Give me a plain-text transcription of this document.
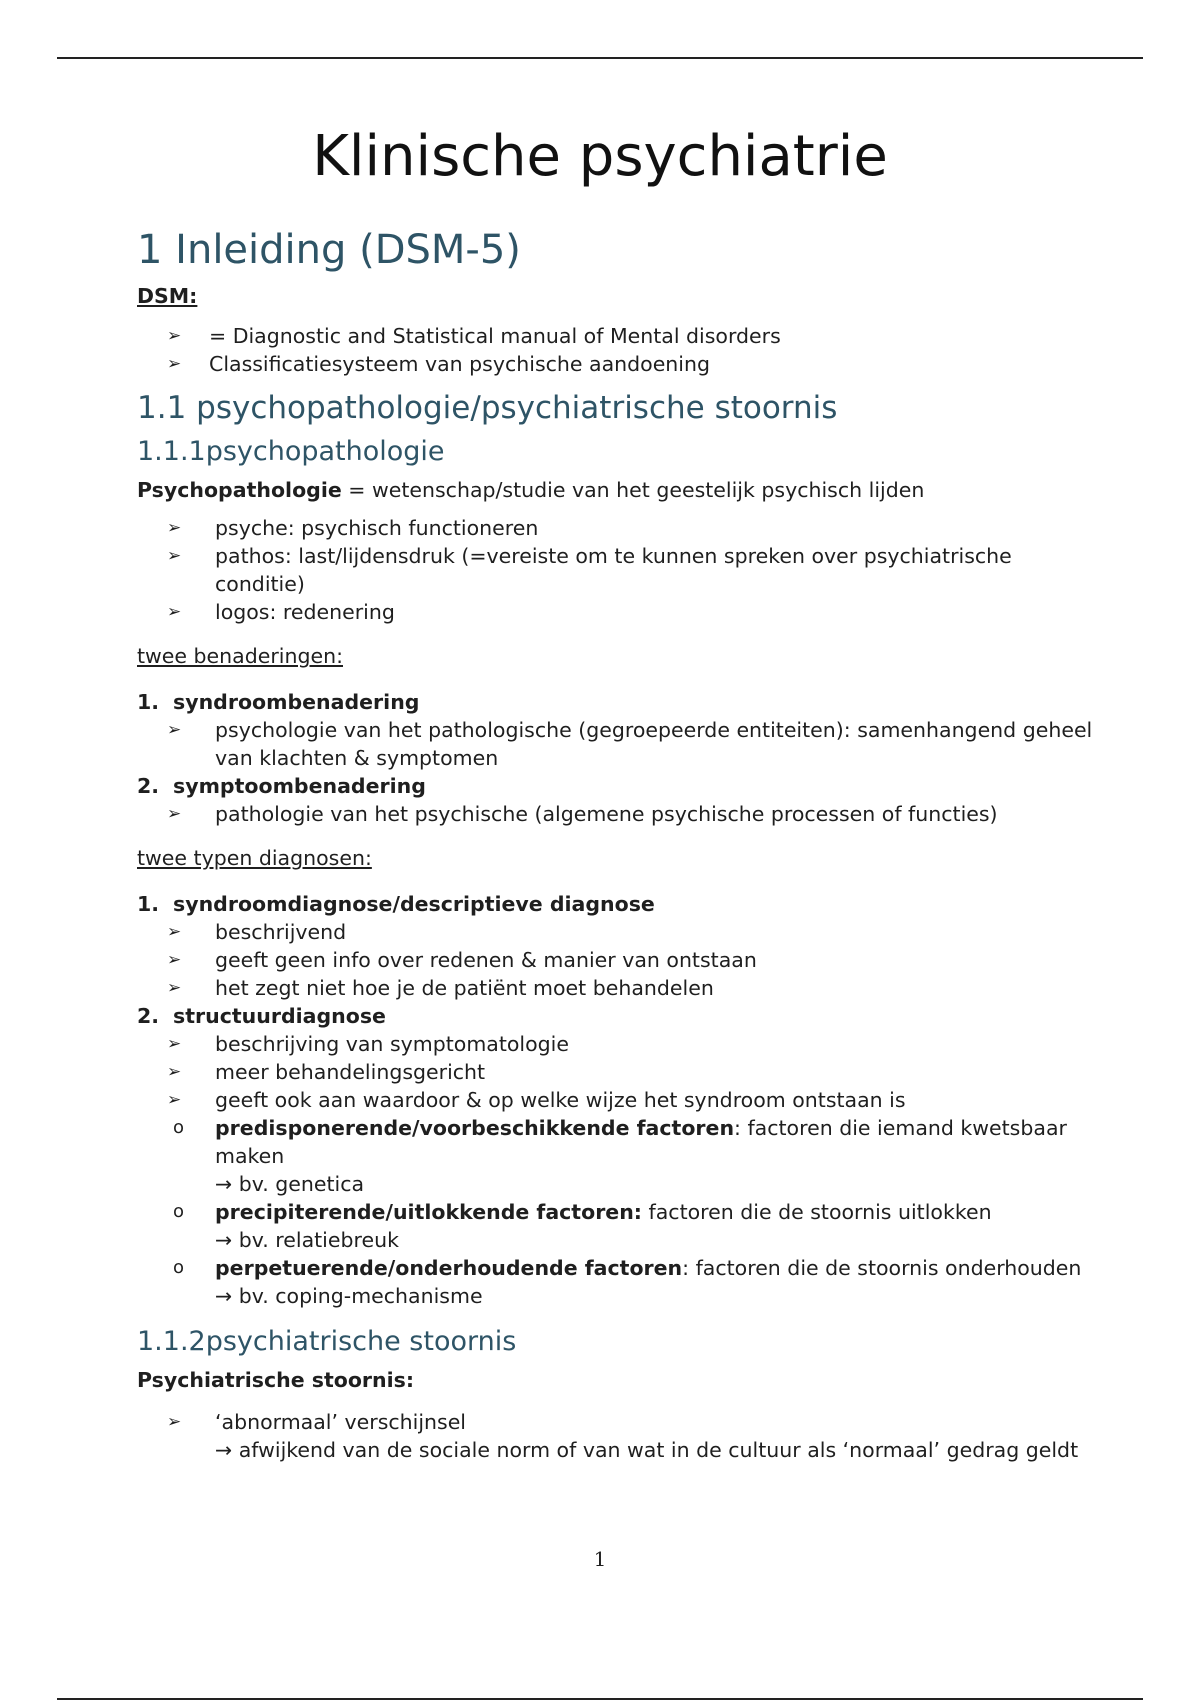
Klinische psychiatrie
1 Inleiding (DSM-5)
DSM:
➢ = Diagnostic and Statistical manual of Mental disorders
➢ Classificatiesysteem van psychische aandoening
1.1 psychopathologie/psychiatrische stoornis
1.1.1psychopathologie
Psychopathologie = wetenschap/studie van het geestelijk psychisch lijden
➢ psyche: psychisch functioneren
➢ pathos: last/lijdensdruk (=vereiste om te kunnen spreken over psychiatrische conditie)
➢ logos: redenering
twee benaderingen:
1. syndroombenadering
➢ psychologie van het pathologische (gegroepeerde entiteiten): samenhangend geheel van klachten & symptomen
2. symptoombenadering
➢ pathologie van het psychische (algemene psychische processen of functies)
twee typen diagnosen:
1. syndroomdiagnose/descriptieve diagnose
➢ beschrijvend
➢ geeft geen info over redenen & manier van ontstaan
➢ het zegt niet hoe je de patiënt moet behandelen
2. structuurdiagnose
➢ beschrijving van symptomatologie
➢ meer behandelingsgericht
➢ geeft ook aan waardoor & op welke wijze het syndroom ontstaan is
o predisponerende/voorbeschikkende factoren: factoren die iemand kwetsbaar maken
→ bv. genetica
o precipiterende/uitlokkende factoren: factoren die de stoornis uitlokken
→ bv. relatiebreuk
o perpetuerende/onderhoudende factoren: factoren die de stoornis onderhouden
→ bv. coping-mechanisme
1.1.2psychiatrische stoornis
Psychiatrische stoornis:
➢ ‘abnormaal’ verschijnsel
→ afwijkend van de sociale norm of van wat in de cultuur als ‘normaal’ gedrag geldt
1
